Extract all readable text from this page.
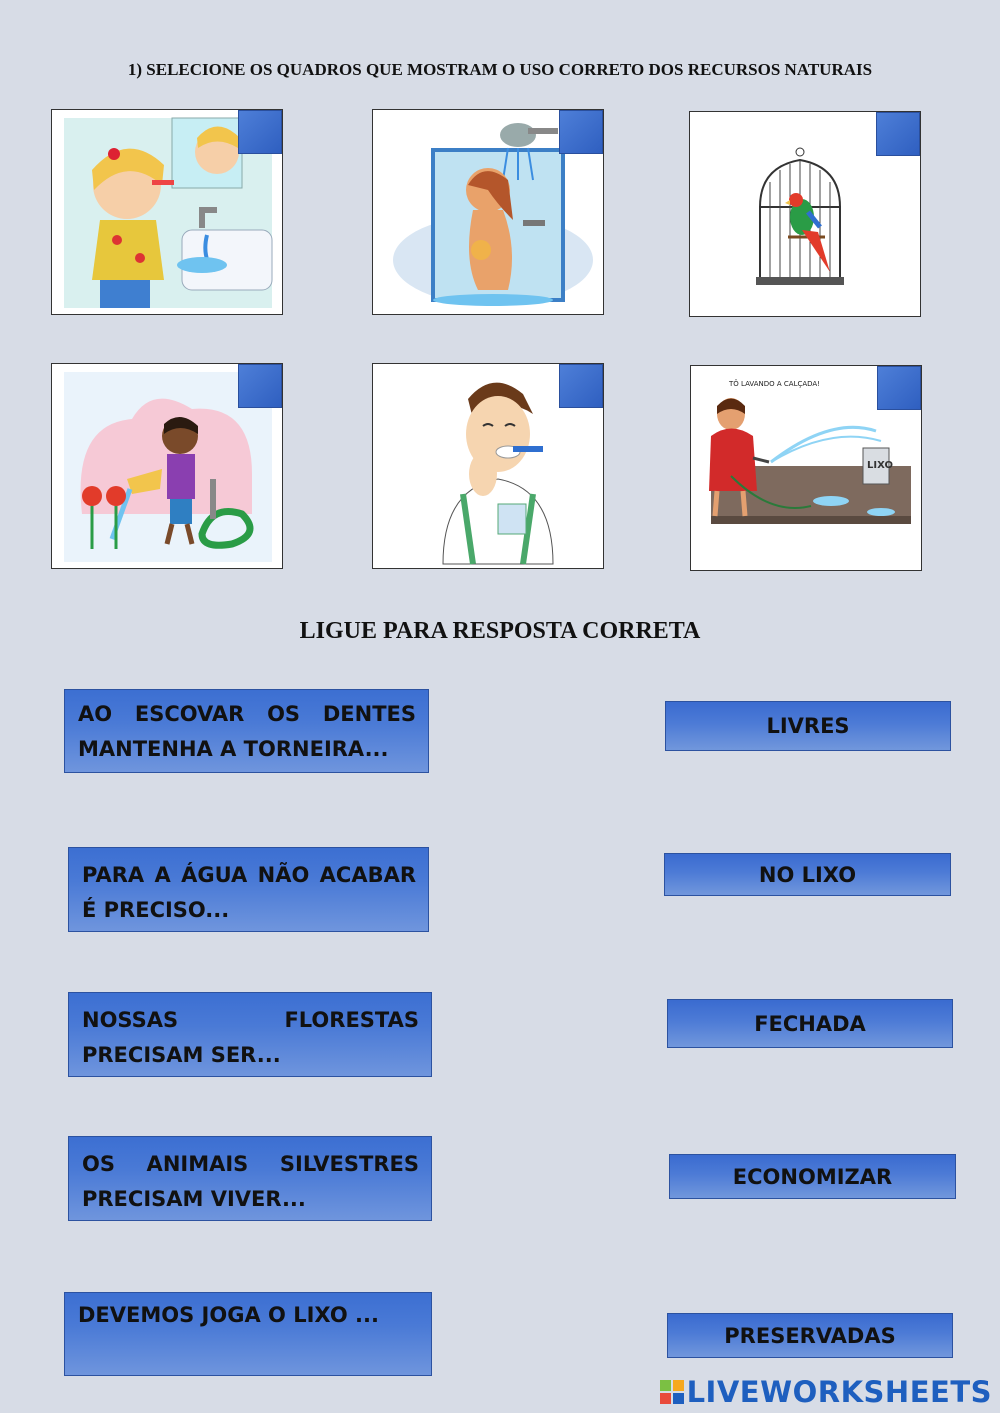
1) SELECIONE OS QUADROS QUE MOSTRAM O USO CORRETO DOS RECURSOS NATURAIS
TÔ LAVANDO A CALÇADA!
LIXO
LIGUE PARA RESPOSTA CORRETA
AO ESCOVAR OS DENTES MANTENHA A TORNEIRA...
PARA A ÁGUA NÃO ACABAR É PRECISO...
NOSSAS FLORESTAS PRECISAM SER...
OS ANIMAIS SILVESTRES PRECISAM VIVER...
DEVEMOS JOGA O LIXO ...
LIVRES
NO LIXO
FECHADA
ECONOMIZAR
PRESERVADAS
LIVEWORKSHEETS
